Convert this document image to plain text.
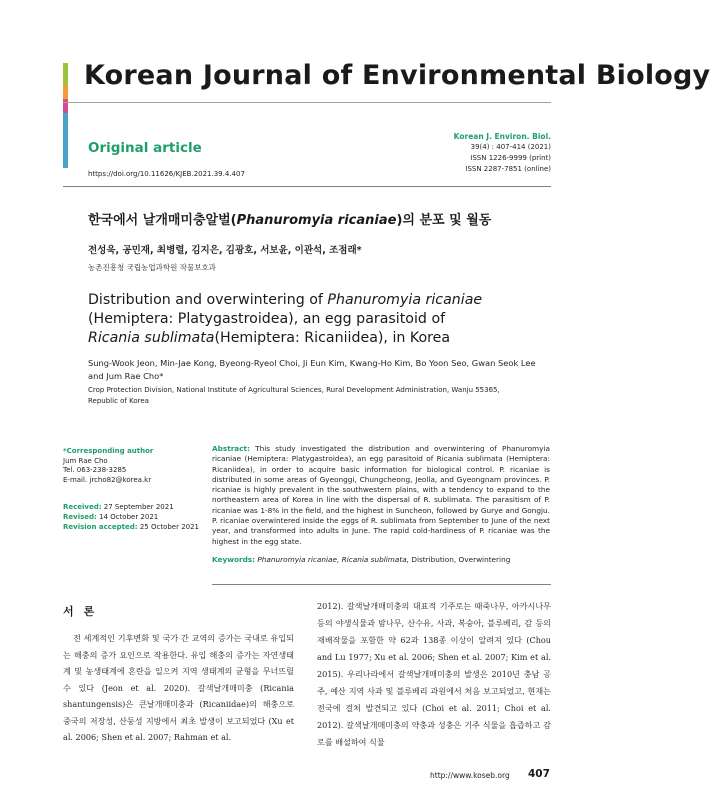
Korean Journal of Environmental Biology
Original article
Korean J. Environ. Biol.
39(4) : 407-414 (2021)
ISSN 1226-9999 (print)
ISSN 2287-7851 (online)
https://doi.org/10.11626/KJEB.2021.39.4.407
한국에서 날개매미충알벌(Phanuromyia ricaniae)의 분포 및 월동
전성욱, 공민재, 최병렬, 김지은, 김광호, 서보윤, 이관석, 조점래*
농촌진흥청 국립농업과학원 작물보호과
Distribution and overwintering of Phanuromyia ricaniae
(Hemiptera: Platygastroidea), an egg parasitoid of
Ricania sublimata(Hemiptera: Ricaniidea), in Korea
Sung-Wook Jeon, Min-Jae Kong, Byeong-Ryeol Choi, Ji Eun Kim, Kwang-Ho Kim, Bo Yoon Seo, Gwan Seok Lee and Jum Rae Cho*
Crop Protection Division, National Institute of Agricultural Sciences, Rural Development Administration, Wanju 55365, Republic of Korea
*Corresponding author
Jum Rae Cho
Tel. 063-238-3285
E-mail. jrcho82@korea.kr
Received: 27 September 2021
Revised: 14 October 2021
Revision accepted: 25 October 2021
Abstract: This study investigated the distribution and overwintering of Phanuromyia ricaniae (Hemiptera: Platygastroidea), an egg parasitoid of Ricania sublimata (Hemiptera: Ricaniidea), in order to acquire basic information for biological control. P. ricaniae is distributed in some areas of Gyeonggi, Chungcheong, Jeolla, and Gyeongnam provinces. P. ricaniae is highly prevalent in the southwestern plains, with a tendency to expand to the northeastern area of Korea in line with the dispersal of R. sublimata. The parasitism of P. ricaniae was 1-8% in the field, and the highest in Suncheon, followed by Gurye and Gongju. P. ricaniae overwintered inside the eggs of R. sublimata from September to June of the next year, and transformed into adults in June. The rapid cold-hardiness of P. ricaniae was the highest in the egg state.
Keywords: Phanuromyia ricaniae, Ricania sublimata, Distribution, Overwintering
서론

전 세계적인 기후변화 및 국가 간 교역의 증가는 국내로 유입되는 해충의 증가 요인으로 작용한다. 유입 해충의 증가는 자연생태계 및 농생태계에 혼란을 일으켜 지역 생태계의 균형을 무너뜨릴 수 있다 (Jeon et al. 2020). 갈색날개매미충 (Ricania shantungensis)은 큰날개매미충과 (Ricaniidae)의 해충으로 중국의 저장성, 산둥성 지방에서 최초 발생이 보고되었다 (Xu et al. 2006; Shen et al. 2007; Rahman et al.

2012). 갈색날개매미충의 대표적 기주로는 때죽나무, 아카시나무 등의 야생식물과 밤나무, 산수유, 사과, 복숭아, 블루베리, 감 등의 재배작물을 포함한 약 62과 138종 이상이 알려져 있다 (Chou and Lu 1977; Xu et al. 2006; Shen et al. 2007; Kim et al. 2015). 우리나라에서 갈색날개매미충의 발생은 2010년 충남 공주, 예산 지역 사과 및 블루베리 과원에서 처음 보고되었고, 현재는 전국에 걸쳐 발견되고 있다 (Choi et al. 2011; Choi et al. 2012). 갈색날개매미충의 약충과 성충은 기주 식물을 흡즙하고 감로를 배설하여 식물

http://www.koseb.org 407
